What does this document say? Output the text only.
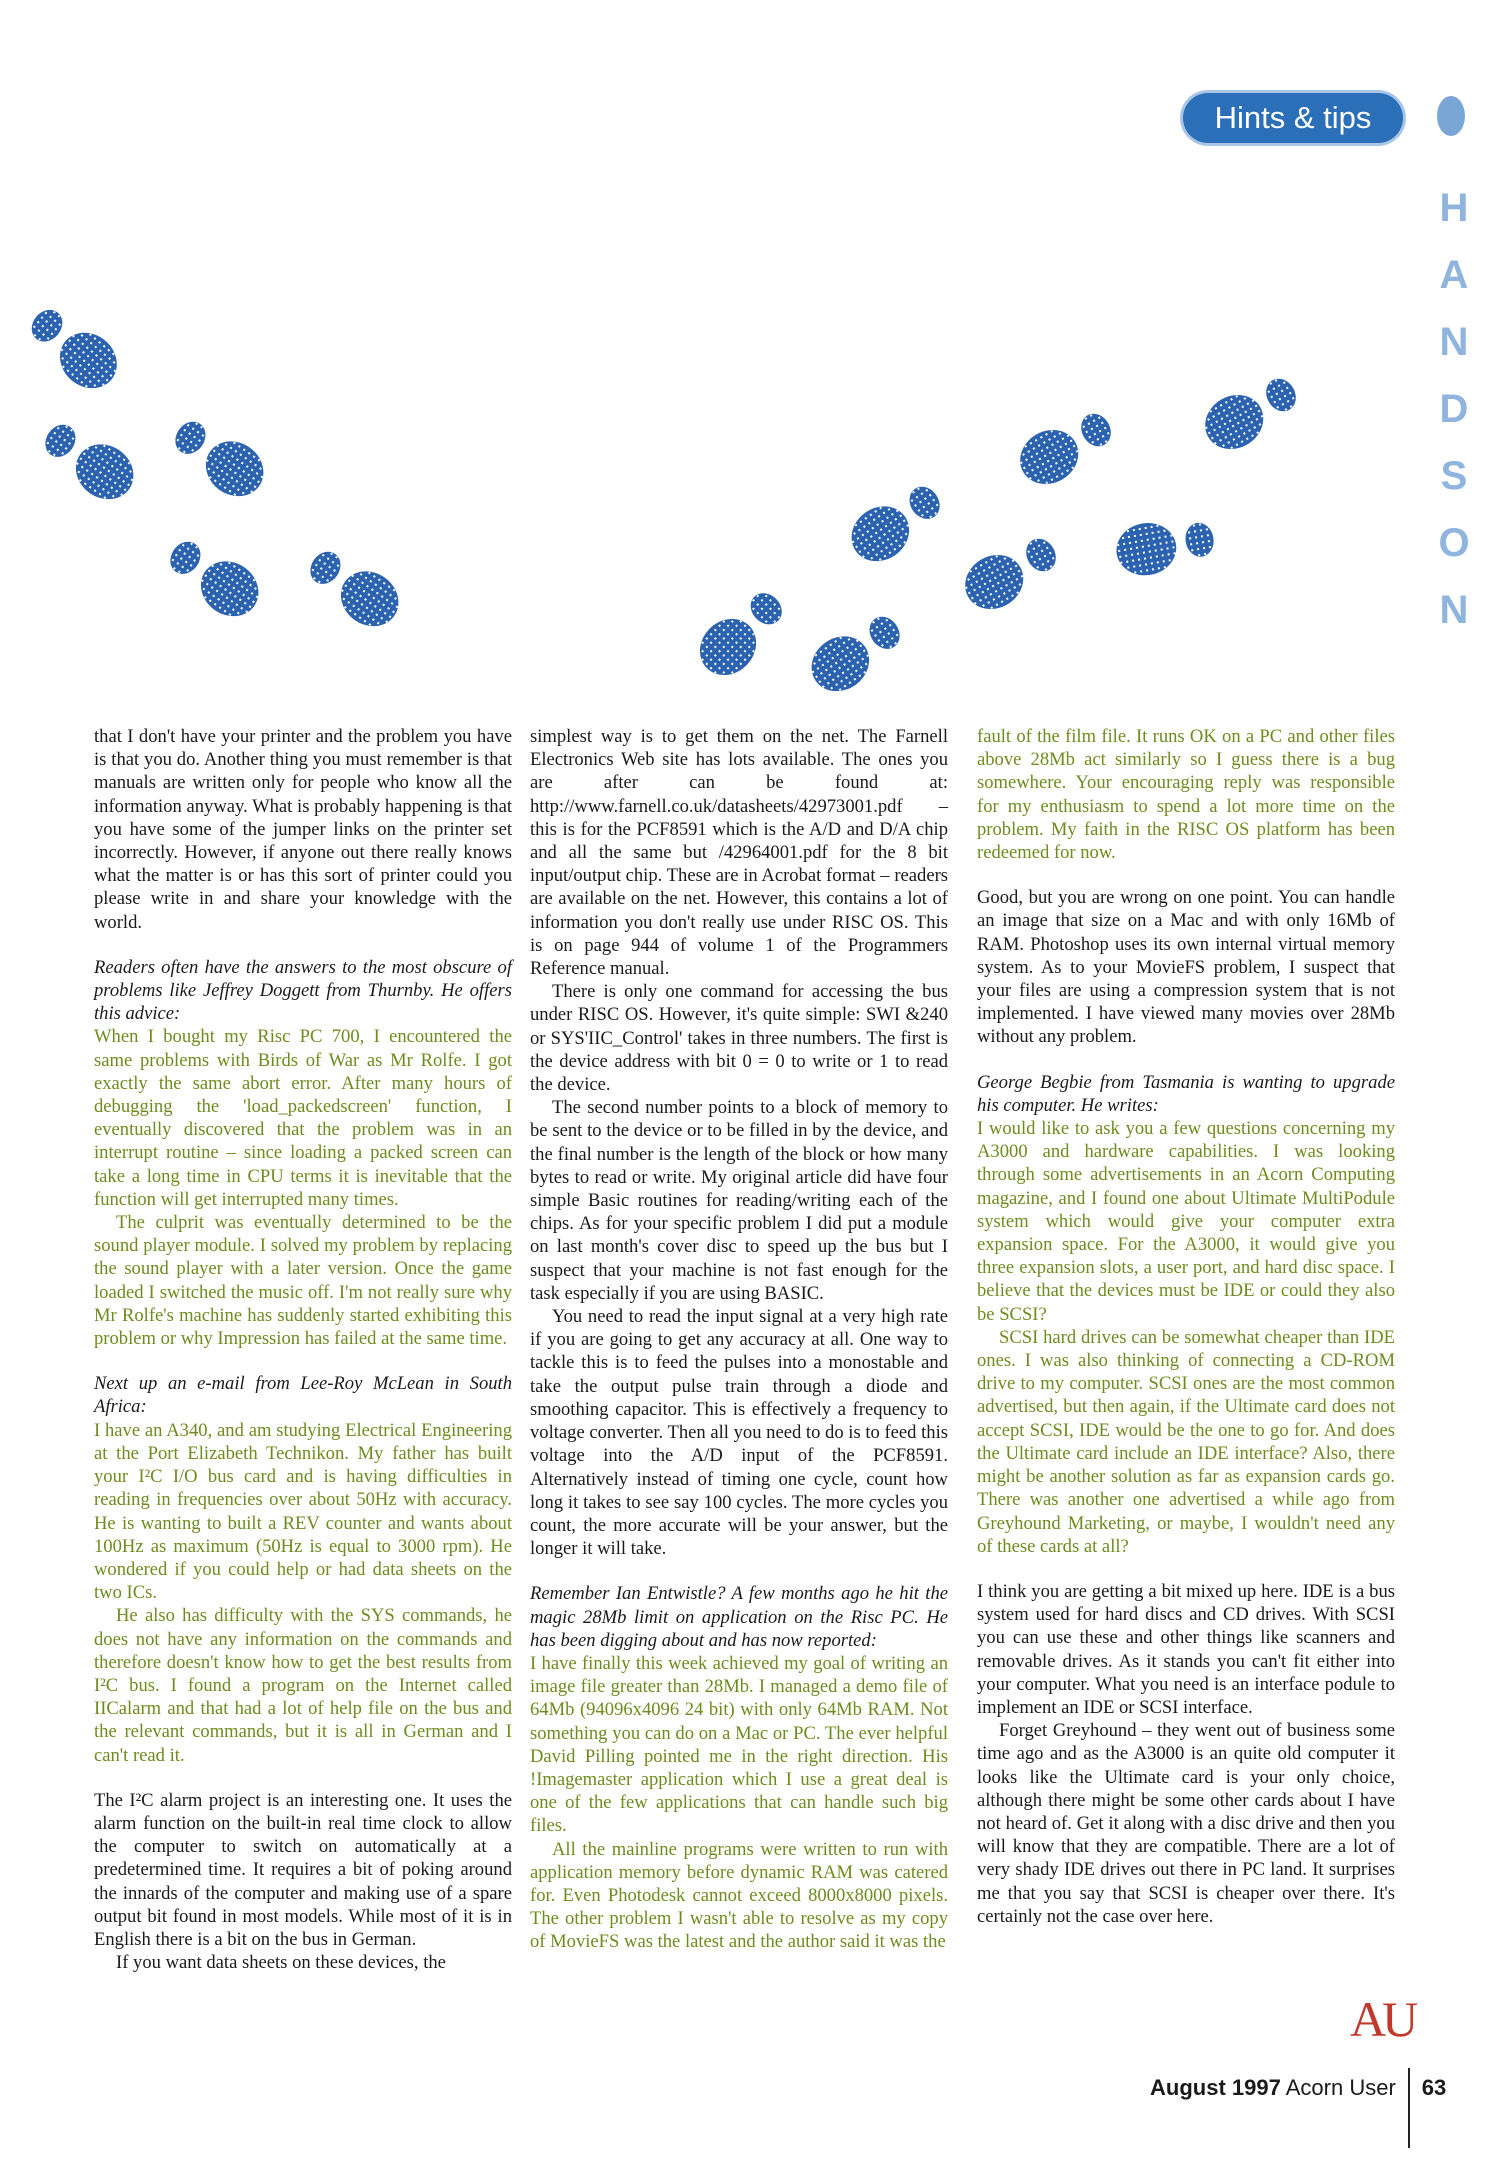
Hints & tips
H
A
N
D
S
O
N

that I don't have your printer and the problem you have is that you do. Another thing you must remember is that manuals are written only for people who know all the information anyway. What is probably happening is that you have some of the jumper links on the printer set incorrectly. However, if anyone out there really knows what the matter is or has this sort of printer could you please write in and share your knowledge with the world.

Readers often have the answers to the most obscure of problems like Jeffrey Doggett from Thurnby. He offers this advice:

When I bought my Risc PC 700, I encountered the same problems with Birds of War as Mr Rolfe. I got exactly the same abort error. After many hours of debugging the 'load_packedscreen' function, I eventually discovered that the problem was in an interrupt routine – since loading a packed screen can take a long time in CPU terms it is inevitable that the function will get interrupted many times.

The culprit was eventually determined to be the sound player module. I solved my problem by replacing the sound player with a later version. Once the game loaded I switched the music off. I'm not really sure why Mr Rolfe's machine has suddenly started exhibiting this problem or why Impression has failed at the same time.

Next up an e-mail from Lee-Roy McLean in South Africa:

I have an A340, and am studying Electrical Engineering at the Port Elizabeth Technikon. My father has built your I²C I/O bus card and is having difficulties in reading in frequencies over about 50Hz with accuracy. He is wanting to built a REV counter and wants about 100Hz as maximum (50Hz is equal to 3000 rpm). He wondered if you could help or had data sheets on the two ICs.

He also has difficulty with the SYS commands, he does not have any information on the commands and therefore doesn't know how to get the best results from I²C bus. I found a program on the Internet called IICalarm and that had a lot of help file on the bus and the relevant commands, but it is all in German and I can't read it.

The I²C alarm project is an interesting one. It uses the alarm function on the built-in real time clock to allow the computer to switch on automatically at a predetermined time. It requires a bit of poking around the innards of the computer and making use of a spare output bit found in most models. While most of it is in English there is a bit on the bus in German.

If you want data sheets on these devices, the

simplest way is to get them on the net. The Farnell Electronics Web site has lots available. The ones you are after can be found at: http://www.farnell.co.uk/datasheets/42973001.pdf – this is for the PCF8591 which is the A/D and D/A chip and all the same but /42964001.pdf for the 8 bit input/output chip. These are in Acrobat format – readers are available on the net. However, this contains a lot of information you don't really use under RISC OS. This is on page 944 of volume 1 of the Programmers Reference manual.

There is only one command for accessing the bus under RISC OS. However, it's quite simple: SWI &240 or SYS'IIC_Control' takes in three numbers. The first is the device address with bit 0 = 0 to write or 1 to read the device.

The second number points to a block of memory to be sent to the device or to be filled in by the device, and the final number is the length of the block or how many bytes to read or write. My original article did have four simple Basic routines for reading/writing each of the chips. As for your specific problem I did put a module on last month's cover disc to speed up the bus but I suspect that your machine is not fast enough for the task especially if you are using BASIC.

You need to read the input signal at a very high rate if you are going to get any accuracy at all. One way to tackle this is to feed the pulses into a monostable and take the output pulse train through a diode and smoothing capacitor. This is effectively a frequency to voltage converter. Then all you need to do is to feed this voltage into the A/D input of the PCF8591. Alternatively instead of timing one cycle, count how long it takes to see say 100 cycles. The more cycles you count, the more accurate will be your answer, but the longer it will take.

Remember Ian Entwistle? A few months ago he hit the magic 28Mb limit on application on the Risc PC. He has been digging about and has now reported:

I have finally this week achieved my goal of writing an image file greater than 28Mb. I managed a demo file of 64Mb (94096x4096 24 bit) with only 64Mb RAM. Not something you can do on a Mac or PC. The ever helpful David Pilling pointed me in the right direction. His !Imagemaster application which I use a great deal is one of the few applications that can handle such big files.

All the mainline programs were written to run with application memory before dynamic RAM was catered for. Even Photodesk cannot exceed 8000x8000 pixels. The other problem I wasn't able to resolve as my copy of MovieFS was the latest and the author said it was the

fault of the film file. It runs OK on a PC and other files above 28Mb act similarly so I guess there is a bug somewhere. Your encouraging reply was responsible for my enthusiasm to spend a lot more time on the problem. My faith in the RISC OS platform has been redeemed for now.

Good, but you are wrong on one point. You can handle an image that size on a Mac and with only 16Mb of RAM. Photoshop uses its own internal virtual memory system. As to your MovieFS problem, I suspect that your files are using a compression system that is not implemented. I have viewed many movies over 28Mb without any problem.

George Begbie from Tasmania is wanting to upgrade his computer. He writes:

I would like to ask you a few questions concerning my A3000 and hardware capabilities. I was looking through some advertisements in an Acorn Computing magazine, and I found one about Ultimate MultiPodule system which would give your computer extra expansion space. For the A3000, it would give you three expansion slots, a user port, and hard disc space. I believe that the devices must be IDE or could they also be SCSI?

SCSI hard drives can be somewhat cheaper than IDE ones. I was also thinking of connecting a CD-ROM drive to my computer. SCSI ones are the most common advertised, but then again, if the Ultimate card does not accept SCSI, IDE would be the one to go for. And does the Ultimate card include an IDE interface? Also, there might be another solution as far as expansion cards go. There was another one advertised a while ago from Greyhound Marketing, or maybe, I wouldn't need any of these cards at all?

I think you are getting a bit mixed up here. IDE is a bus system used for hard discs and CD drives. With SCSI you can use these and other things like scanners and removable drives. As it stands you can't fit either into your computer. What you need is an interface podule to implement an IDE or SCSI interface.

Forget Greyhound – they went out of business some time ago and as the A3000 is an quite old computer it looks like the Ultimate card is your only choice, although there might be some other cards about I have not heard of. Get it along with a disc drive and then you will know that they are compatible. There are a lot of very shady IDE drives out there in PC land. It surprises me that you say that SCSI is cheaper over there. It's certainly not the case over here.

AU
August 1997 Acorn User 63
